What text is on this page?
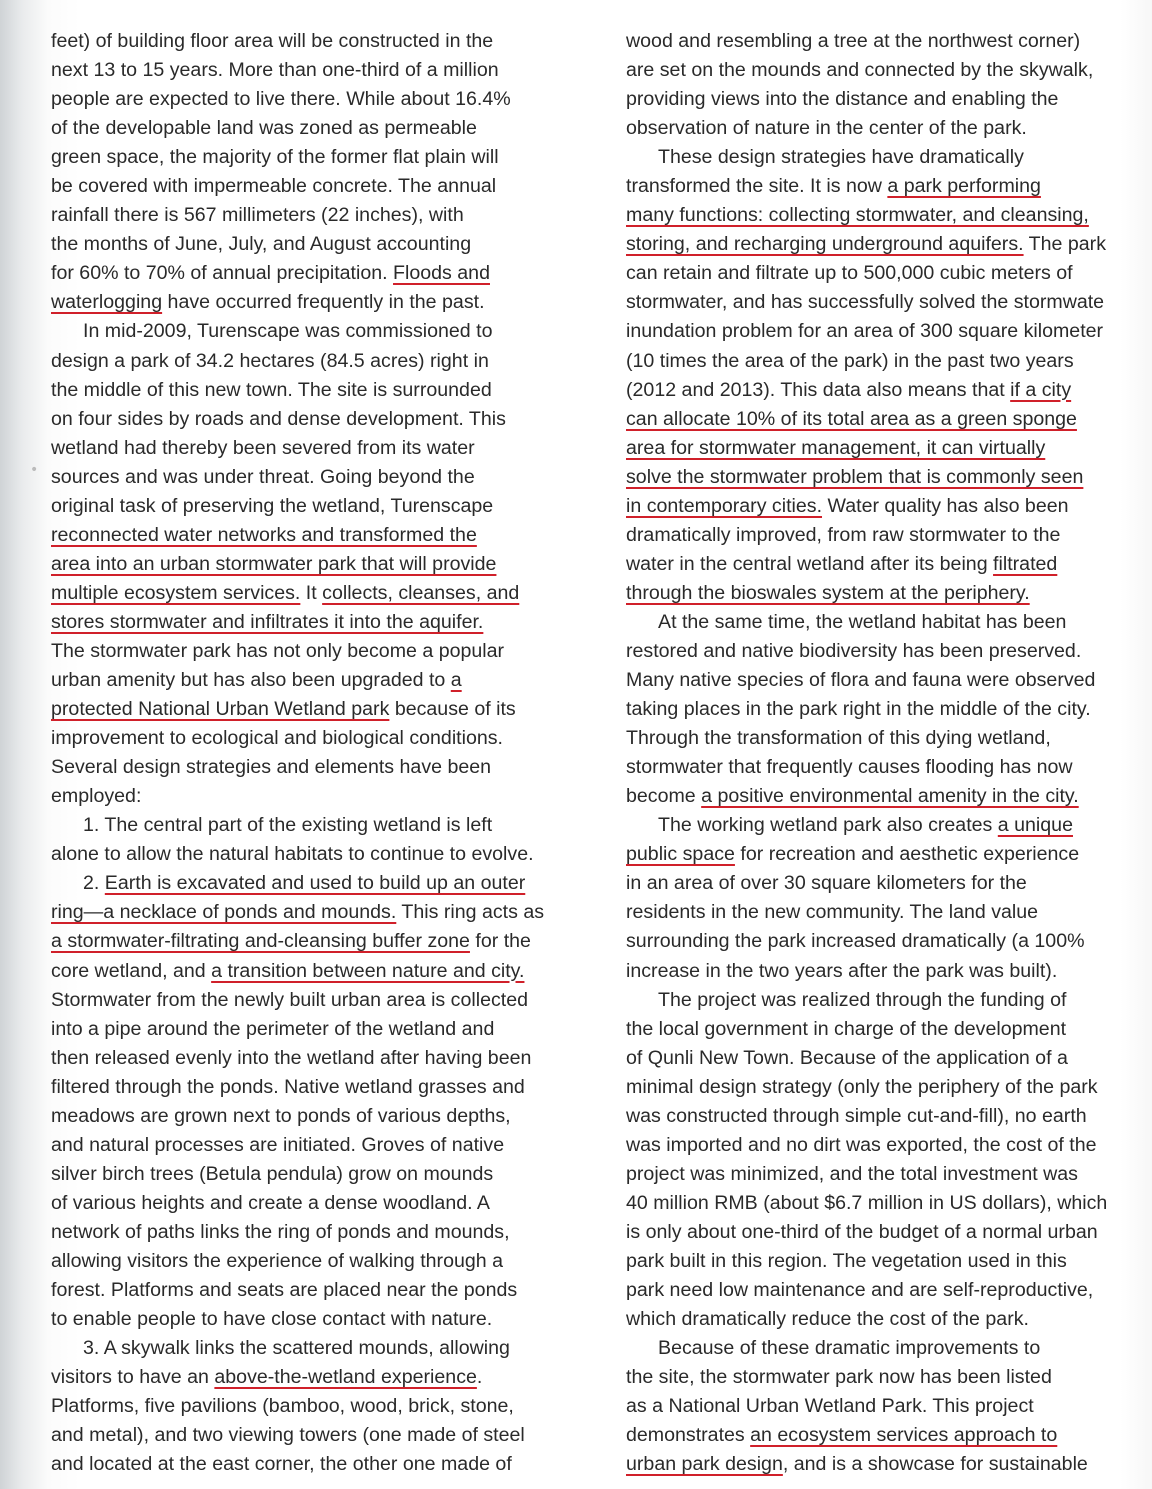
feet) of building floor area will be constructed in the
next 13 to 15 years. More than one-third of a million
people are expected to live there. While about 16.4%
of the developable land was zoned as permeable
green space, the majority of the former flat plain will
be covered with impermeable concrete. The annual
rainfall there is 567 millimeters (22 inches), with
the months of June, July, and August accounting
for 60% to 70% of annual precipitation. Floods and
waterlogging have occurred frequently in the past.
In mid-2009, Turenscape was commissioned to
design a park of 34.2 hectares (84.5 acres) right in
the middle of this new town. The site is surrounded
on four sides by roads and dense development. This
wetland had thereby been severed from its water
sources and was under threat. Going beyond the
original task of preserving the wetland, Turenscape
reconnected water networks and transformed the
area into an urban stormwater park that will provide
multiple ecosystem services. It collects, cleanses, and
stores stormwater and infiltrates it into the aquifer.
The stormwater park has not only become a popular
urban amenity but has also been upgraded to a
protected National Urban Wetland park because of its
improvement to ecological and biological conditions.
Several design strategies and elements have been
employed:
1. The central part of the existing wetland is left
alone to allow the natural habitats to continue to evolve.
2. Earth is excavated and used to build up an outer
ring—a necklace of ponds and mounds. This ring acts as
a stormwater-filtrating and-cleansing buffer zone for the
core wetland, and a transition between nature and city.
Stormwater from the newly built urban area is collected
into a pipe around the perimeter of the wetland and
then released evenly into the wetland after having been
filtered through the ponds. Native wetland grasses and
meadows are grown next to ponds of various depths,
and natural processes are initiated. Groves of native
silver birch trees (Betula pendula) grow on mounds
of various heights and create a dense woodland. A
network of paths links the ring of ponds and mounds,
allowing visitors the experience of walking through a
forest. Platforms and seats are placed near the ponds
to enable people to have close contact with nature.
3. A skywalk links the scattered mounds, allowing
visitors to have an above-the-wetland experience.
Platforms, five pavilions (bamboo, wood, brick, stone,
and metal), and two viewing towers (one made of steel
and located at the east corner, the other one made of
wood and resembling a tree at the northwest corner)
are set on the mounds and connected by the skywalk,
providing views into the distance and enabling the
observation of nature in the center of the park.
These design strategies have dramatically
transformed the site. It is now a park performing
many functions: collecting stormwater, and cleansing,
storing, and recharging underground aquifers. The park
can retain and filtrate up to 500,000 cubic meters of
stormwater, and has successfully solved the stormwate
inundation problem for an area of 300 square kilometer
(10 times the area of the park) in the past two years
(2012 and 2013). This data also means that if a city
can allocate 10% of its total area as a green sponge
area for stormwater management, it can virtually
solve the stormwater problem that is commonly seen
in contemporary cities. Water quality has also been
dramatically improved, from raw stormwater to the
water in the central wetland after its being filtrated
through the bioswales system at the periphery.
At the same time, the wetland habitat has been
restored and native biodiversity has been preserved.
Many native species of flora and fauna were observed
taking places in the park right in the middle of the city.
Through the transformation of this dying wetland,
stormwater that frequently causes flooding has now
become a positive environmental amenity in the city.
The working wetland park also creates a unique
public space for recreation and aesthetic experience
in an area of over 30 square kilometers for the
residents in the new community. The land value
surrounding the park increased dramatically (a 100%
increase in the two years after the park was built).
The project was realized through the funding of
the local government in charge of the development
of Qunli New Town. Because of the application of a
minimal design strategy (only the periphery of the park
was constructed through simple cut-and-fill), no earth
was imported and no dirt was exported, the cost of the
project was minimized, and the total investment was
40 million RMB (about $6.7 million in US dollars), which
is only about one-third of the budget of a normal urban
park built in this region. The vegetation used in this
park need low maintenance and are self-reproductive,
which dramatically reduce the cost of the park.
Because of these dramatic improvements to
the site, the stormwater park now has been listed
as a National Urban Wetland Park. This project
demonstrates an ecosystem services approach to
urban park design, and is a showcase for sustainable
•
